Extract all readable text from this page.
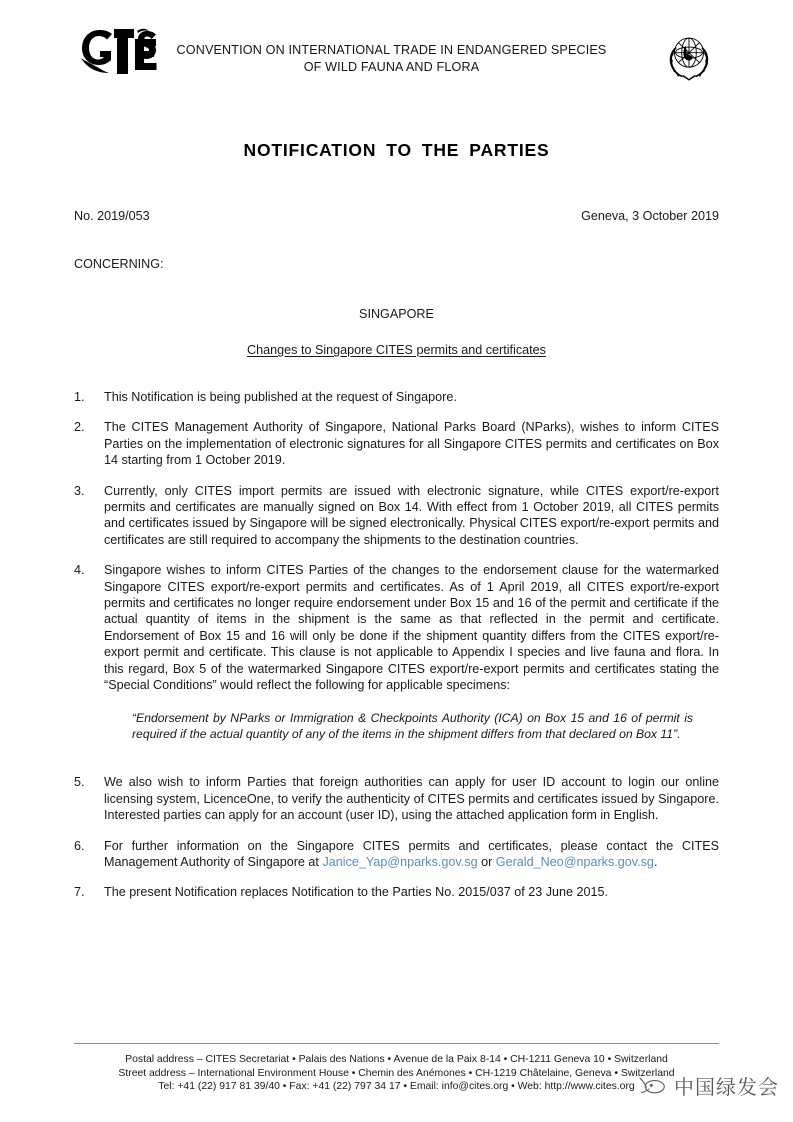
CONVENTION ON INTERNATIONAL TRADE IN ENDANGERED SPECIES
OF WILD FAUNA AND FLORA
NOTIFICATION TO THE PARTIES
No. 2019/053	Geneva, 3 October 2019
CONCERNING:
SINGAPORE
Changes to Singapore CITES permits and certificates
1.	This Notification is being published at the request of Singapore.
2.	The CITES Management Authority of Singapore, National Parks Board (NParks), wishes to inform CITES Parties on the implementation of electronic signatures for all Singapore CITES permits and certificates on Box 14 starting from 1 October 2019.
3.	Currently, only CITES import permits are issued with electronic signature, while CITES export/re-export permits and certificates are manually signed on Box 14. With effect from 1 October 2019, all CITES permits and certificates issued by Singapore will be signed electronically. Physical CITES export/re-export permits and certificates are still required to accompany the shipments to the destination countries.
4.	Singapore wishes to inform CITES Parties of the changes to the endorsement clause for the watermarked Singapore CITES export/re-export permits and certificates. As of 1 April 2019, all CITES export/re-export permits and certificates no longer require endorsement under Box 15 and 16 of the permit and certificate if the actual quantity of items in the shipment is the same as that reflected in the permit and certificate. Endorsement of Box 15 and 16 will only be done if the shipment quantity differs from the CITES export/re-export permit and certificate. This clause is not applicable to Appendix I species and live fauna and flora. In this regard, Box 5 of the watermarked Singapore CITES export/re-export permits and certificates stating the “Special Conditions” would reflect the following for applicable specimens:
“Endorsement by NParks or Immigration & Checkpoints Authority (ICA) on Box 15 and 16 of permit is required if the actual quantity of any of the items in the shipment differs from that declared on Box 11”.
5.	We also wish to inform Parties that foreign authorities can apply for user ID account to login our online licensing system, LicenceOne, to verify the authenticity of CITES permits and certificates issued by Singapore. Interested parties can apply for an account (user ID), using the attached application form in English.
6.	For further information on the Singapore CITES permits and certificates, please contact the CITES Management Authority of Singapore at Janice_Yap@nparks.gov.sg or Gerald_Neo@nparks.gov.sg.
7.	The present Notification replaces Notification to the Parties No. 2015/037 of 23 June 2015.
Postal address – CITES Secretariat • Palais des Nations • Avenue de la Paix 8-14 • CH-1211 Geneva 10 • Switzerland
Street address – International Environment House • Chemin des Anémones • CH-1219 Châtelaine, Geneva • Switzerland
Tel: +41 (22) 917 81 39/40 • Fax: +41 (22) 797 34 17 • Email: info@cites.org • Web: http://www.cites.org	中国绿发会
